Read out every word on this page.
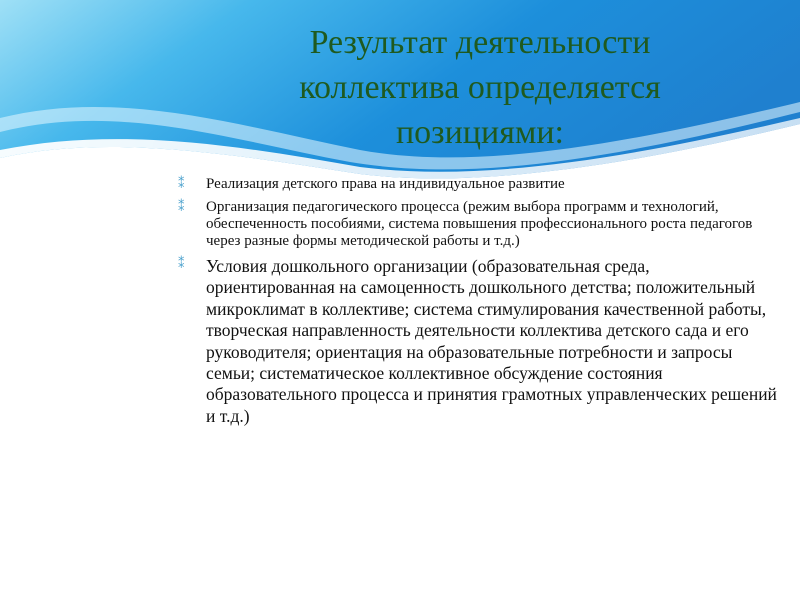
Результат деятельности
коллектива определяется
позициями:
⁑ Реализация детского права на индивидуальное развитие
⁑ Организация педагогического процесса (режим выбора программ и технологий, обеспеченность пособиями, система повышения профессионального роста педагогов через разные формы методической работы и т.д.)
⁑ Условия дошкольного организации (образовательная среда, ориентированная на самоценность дошкольного детства; положительный микроклимат в коллективе; система стимулирования качественной работы, творческая направленность деятельности коллектива детского сада и его руководителя; ориентация на образовательные потребности и запросы семьи; систематическое коллективное обсуждение состояния образовательного процесса и принятия грамотных управленческих решений и т.д.)
